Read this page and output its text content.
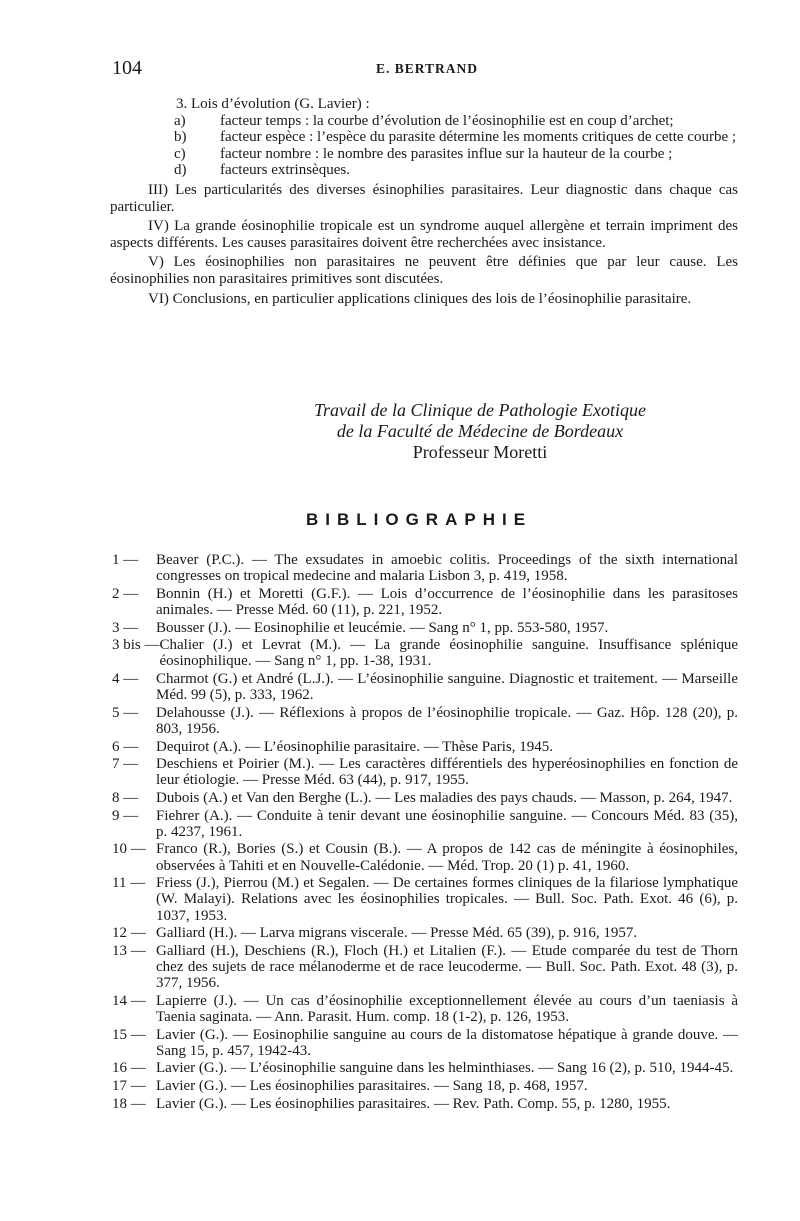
104	E. BERTRAND

3. Lois d’évolution (G. Lavier) :

a)	facteur temps : la courbe d’évolution de l’éosinophilie est en coup d’archet;
b)	facteur espèce : l’espèce du parasite détermine les moments critiques de cette courbe ;
c)	facteur nombre : le nombre des parasites influe sur la hauteur de la courbe ;
d)	facteurs extrinsèques.

III) Les particularités des diverses ésinophilies parasitaires. Leur diagnostic dans chaque cas particulier.

IV) La grande éosinophilie tropicale est un syndrome auquel allergène et terrain impriment des aspects différents. Les causes parasitaires doivent être recherchées avec insistance.

V) Les éosinophilies non parasitaires ne peuvent être définies que par leur cause. Les éosinophilies non parasitaires primitives sont discutées.

VI) Conclusions, en particulier applications cliniques des lois de l’éosinophilie parasitaire.

Travail de la Clinique de Pathologie Exotique
de la Faculté de Médecine de Bordeaux
Professeur Moretti
BIBLIOGRAPHIE
1 —	Beaver (P.C.). — The exsudates in amoebic colitis. Proceedings of the sixth international congresses on tropical medecine and malaria Lisbon 3, p. 419, 1958.
2 —	Bonnin (H.) et Moretti (G.F.). — Lois d’occurrence de l’éosinophilie dans les parasitoses animales. — Presse Méd. 60 (11), p. 221, 1952.
3 —	Bousser (J.). — Eosinophilie et leucémie. — Sang n° 1, pp. 553-580, 1957.
3 bis — Chalier (J.) et Levrat (M.). — La grande éosinophilie sanguine. Insuffisance splénique éosinophilique. — Sang n° 1, pp. 1-38, 1931.
4 —	Charmot (G.) et André (L.J.). — L’éosinophilie sanguine. Diagnostic et traitement. — Marseille Méd. 99 (5), p. 333, 1962.
5 —	Delahousse (J.). — Réflexions à propos de l’éosinophilie tropicale. — Gaz. Hôp. 128 (20), p. 803, 1956.
6 —	Dequirot (A.). — L’éosinophilie parasitaire. — Thèse Paris, 1945.
7 —	Deschiens et Poirier (M.). — Les caractères différentiels des hyperéosinophilies en fonction de leur étiologie. — Presse Méd. 63 (44), p. 917, 1955.
8 —	Dubois (A.) et Van den Berghe (L.). — Les maladies des pays chauds. — Masson, p. 264, 1947.
9 —	Fiehrer (A.). — Conduite à tenir devant une éosinophilie sanguine. — Concours Méd. 83 (35), p. 4237, 1961.
10 — Franco (R.), Bories (S.) et Cousin (B.). — A propos de 142 cas de méningite à éosinophiles, observées à Tahiti et en Nouvelle-Calédonie. — Méd. Trop. 20 (1) p. 41, 1960.
11 — Friess (J.), Pierrou (M.) et Segalen. — De certaines formes cliniques de la filariose lymphatique (W. Malayi). Relations avec les éosinophilies tropicales. — Bull. Soc. Path. Exot. 46 (6), p. 1037, 1953.
12 — Galliard (H.). — Larva migrans viscerale. — Presse Méd. 65 (39), p. 916, 1957.
13 — Galliard (H.), Deschiens (R.), Floch (H.) et Litalien (F.). — Etude comparée du test de Thorn chez des sujets de race mélanoderme et de race leucoderme. — Bull. Soc. Path. Exot. 48 (3), p. 377, 1956.
14 — Lapierre (J.). — Un cas d’éosinophilie exceptionnellement élevée au cours d’un taeniasis à Taenia saginata. — Ann. Parasit. Hum. comp. 18 (1-2), p. 126, 1953.
15 — Lavier (G.). — Eosinophilie sanguine au cours de la distomatose hépatique à grande douve. — Sang 15, p. 457, 1942-43.
16 — Lavier (G.). — L’éosinophilie sanguine dans les helminthiases. — Sang 16 (2), p. 510, 1944-45.
17 — Lavier (G.). — Les éosinophilies parasitaires. — Sang 18, p. 468, 1957.
18 — Lavier (G.). — Les éosinophilies parasitaires. — Rev. Path. Comp. 55, p. 1280, 1955.
